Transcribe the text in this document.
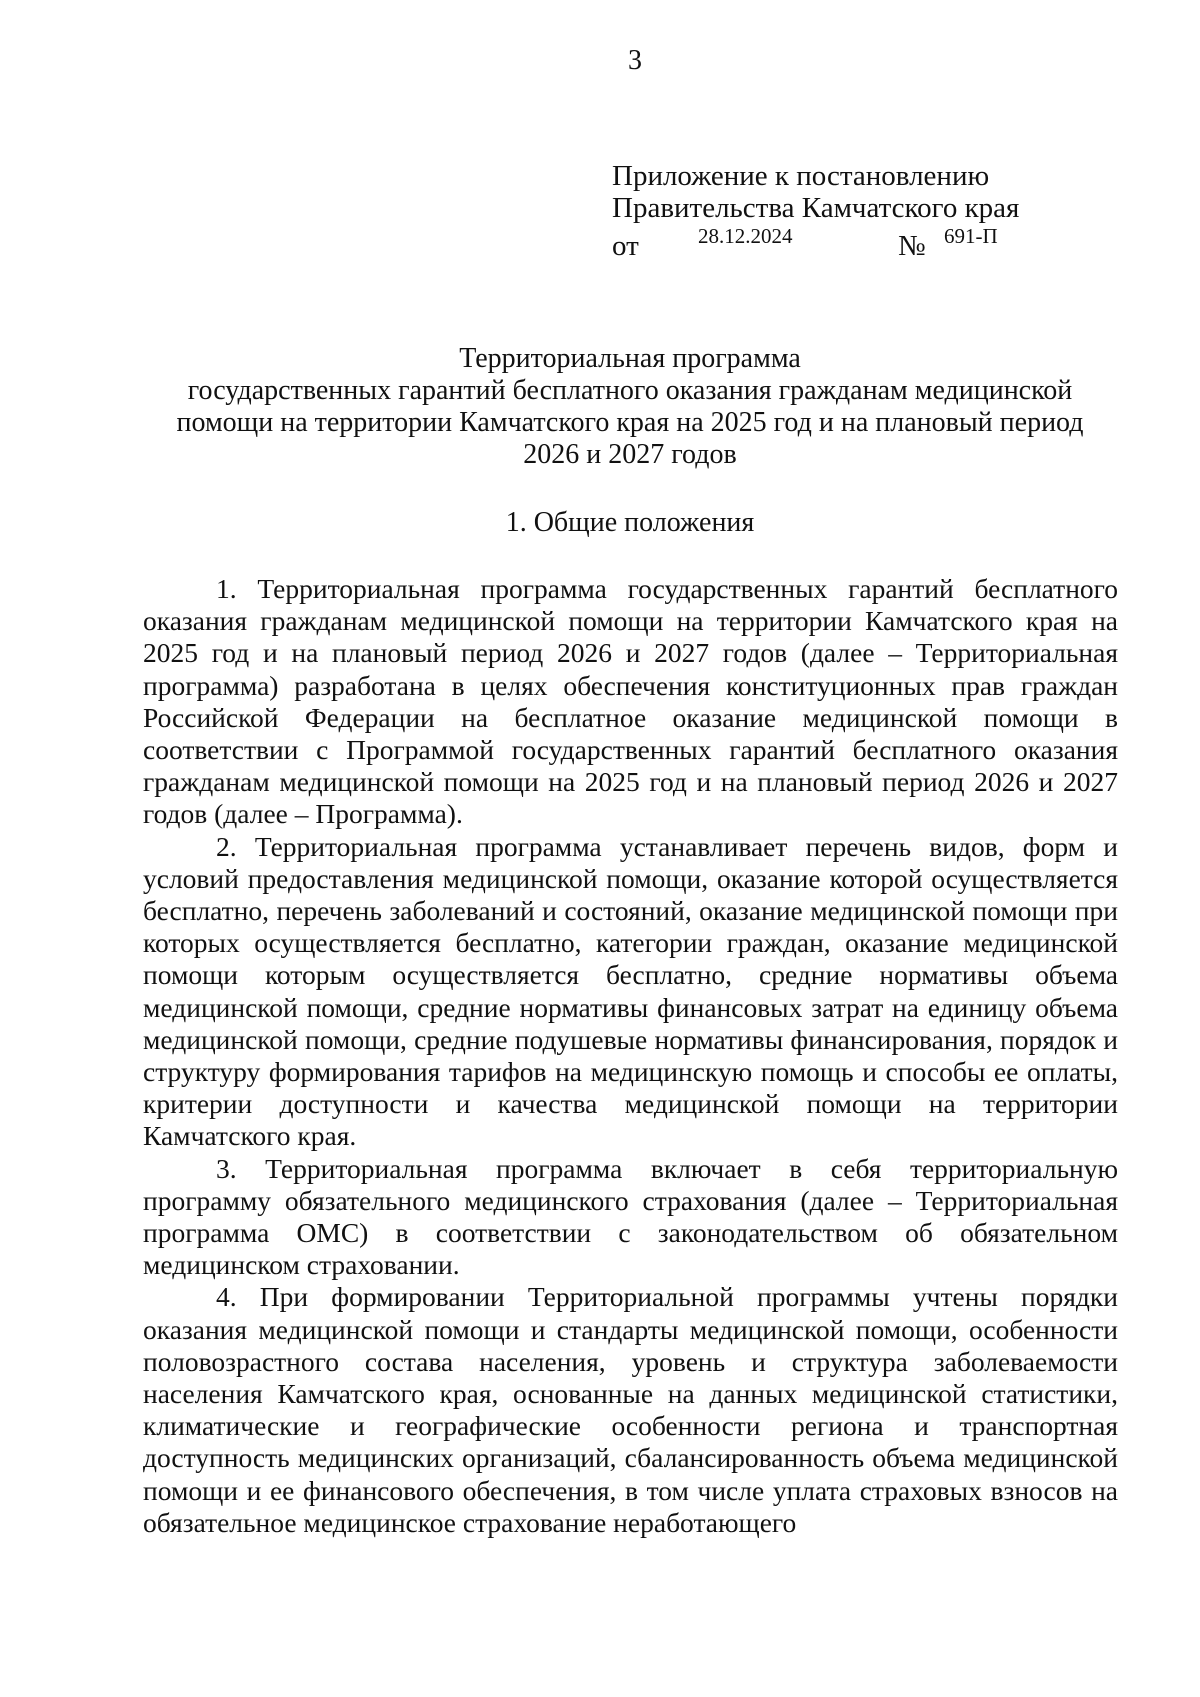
3
Приложение к постановлению
Правительства Камчатского края
от	28.12.2024	№ 691-П
Территориальная программа
государственных гарантий бесплатного оказания гражданам медицинской
помощи на территории Камчатского края на 2025 год и на плановый период
2026 и 2027 годов
1. Общие положения

1. Территориальная программа государственных гарантий бесплатного оказания гражданам медицинской помощи на территории Камчатского края на 2025 год и на плановый период 2026 и 2027 годов (далее – Территориальная программа) разработана в целях обеспечения конституционных прав граждан Российской Федерации на бесплатное оказание медицинской помощи в соответствии с Программой государственных гарантий бесплатного оказания гражданам медицинской помощи на 2025 год и на плановый период 2026 и 2027 годов (далее – Программа).

2. Территориальная программа устанавливает перечень видов, форм и условий предоставления медицинской помощи, оказание которой осуществляется бесплатно, перечень заболеваний и состояний, оказание медицинской помощи при которых осуществляется бесплатно, категории граждан, оказание медицинской помощи которым осуществляется бесплатно, средние нормативы объема медицинской помощи, средние нормативы финансовых затрат на единицу объема медицинской помощи, средние подушевые нормативы финансирования, порядок и структуру формирования тарифов на медицинскую помощь и способы ее оплаты, критерии доступности и качества медицинской помощи на территории Камчатского края.

3. Территориальная программа включает в себя территориальную программу обязательного медицинского страхования (далее – Территориальная программа ОМС) в соответствии с законодательством об обязательном медицинском страховании.

4. При формировании Территориальной программы учтены порядки оказания медицинской помощи и стандарты медицинской помощи, особенности половозрастного состава населения, уровень и структура заболеваемости населения Камчатского края, основанные на данных медицинской статистики, климатические и географические особенности региона и транспортная доступность медицинских организаций, сбалансированность объема медицинской помощи и ее финансового обеспечения, в том числе уплата страховых взносов на обязательное медицинское страхование неработающего
